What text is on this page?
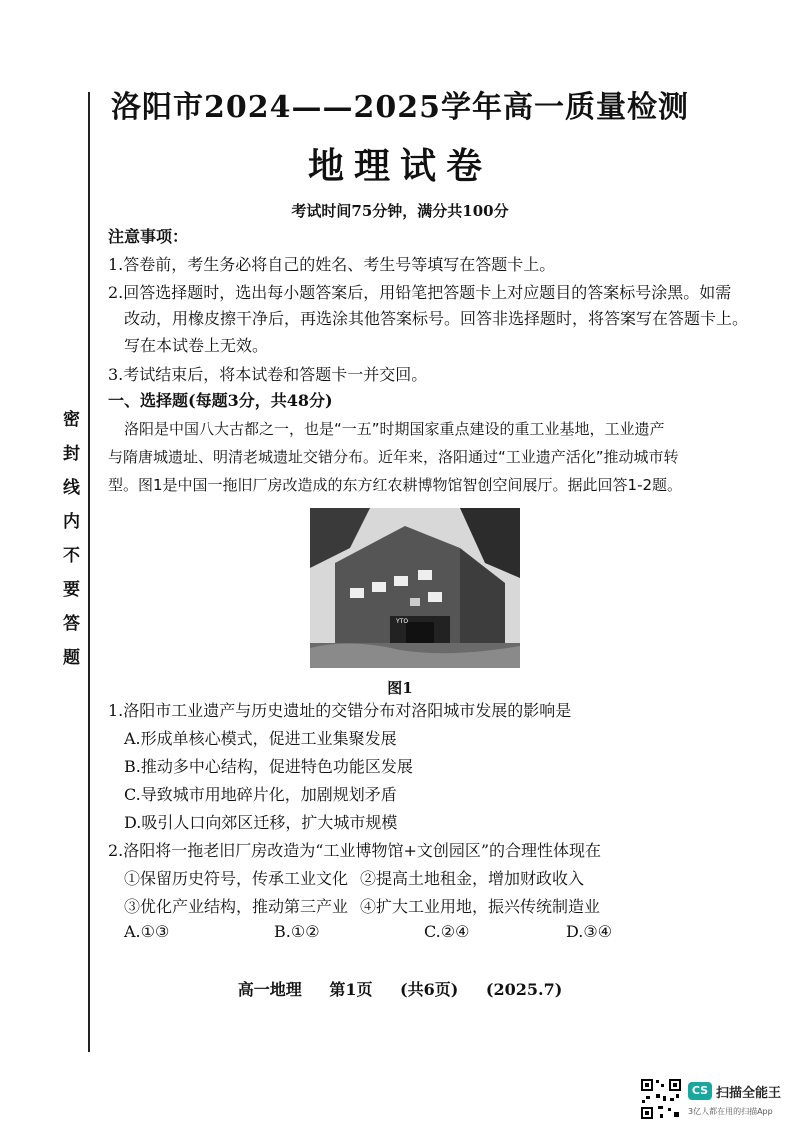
密封线内不要答题
洛阳市2024——2025学年高一质量检测
地理试卷
考试时间75分钟，满分共100分
注意事项：
1.答卷前，考生务必将自己的姓名、考生号等填写在答题卡上。
2.回答选择题时，选出每小题答案后，用铅笔把答题卡上对应题目的答案标号涂黑。如需
改动，用橡皮擦干净后，再选涂其他答案标号。回答非选择题时，将答案写在答题卡上。
写在本试卷上无效。
3.考试结束后，将本试卷和答题卡一并交回。
一、选择题(每题3分，共48分)
洛阳是中国八大古都之一，也是“一五”时期国家重点建设的重工业基地，工业遗产
与隋唐城遗址、明清老城遗址交错分布。近年来，洛阳通过“工业遗产活化”推动城市转
型。图1是中国一拖旧厂房改造成的东方红农耕博物馆智创空间展厅。据此回答1-2题。
YTO
图1
1.洛阳市工业遗产与历史遗址的交错分布对洛阳城市发展的影响是
A.形成单核心模式，促进工业集聚发展
B.推动多中心结构，促进特色功能区发展
C.导致城市用地碎片化，加剧规划矛盾
D.吸引人口向郊区迁移，扩大城市规模
2.洛阳将一拖老旧厂房改造为“工业博物馆+文创园区”的合理性体现在
①保留历史符号，传承工业文化 ②提高土地租金，增加财政收入
③优化产业结构，推动第三产业 ④扩大工业用地，振兴传统制造业
A.①③	B.①②	C.②④	D.③④
高一地理 第1页 (共6页) (2025.7)
CS 扫描全能王
3亿人都在用的扫描App
